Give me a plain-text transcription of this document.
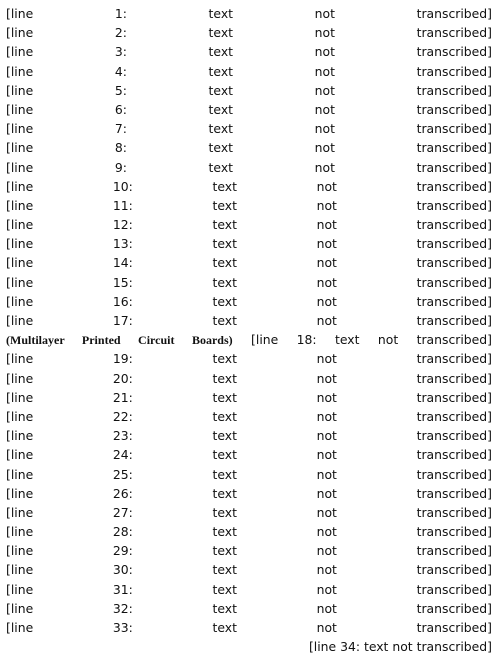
[line 1: text not transcribed]
[line 2: text not transcribed]
[line 3: text not transcribed]
[line 4: text not transcribed]
[line 5: text not transcribed]
[line 6: text not transcribed]
[line 7: text not transcribed]
[line 8: text not transcribed]
[line 9: text not transcribed]
[line 10: text not transcribed]
[line 11: text not transcribed]
[line 12: text not transcribed]
[line 13: text not transcribed]
[line 14: text not transcribed]
[line 15: text not transcribed]
[line 16: text not transcribed]
[line 17: text not transcribed]
[line 18: text not transcribed] (Multilayer Printed Circuit Boards)
[line 19: text not transcribed]
[line 20: text not transcribed]
[line 21: text not transcribed]
[line 22: text not transcribed]
[line 23: text not transcribed]
[line 24: text not transcribed]
[line 25: text not transcribed]
[line 26: text not transcribed]
[line 27: text not transcribed]
[line 28: text not transcribed]
[line 29: text not transcribed]
[line 30: text not transcribed]
[line 31: text not transcribed]
[line 32: text not transcribed]
[line 33: text not transcribed]
[line 34: text not transcribed]
